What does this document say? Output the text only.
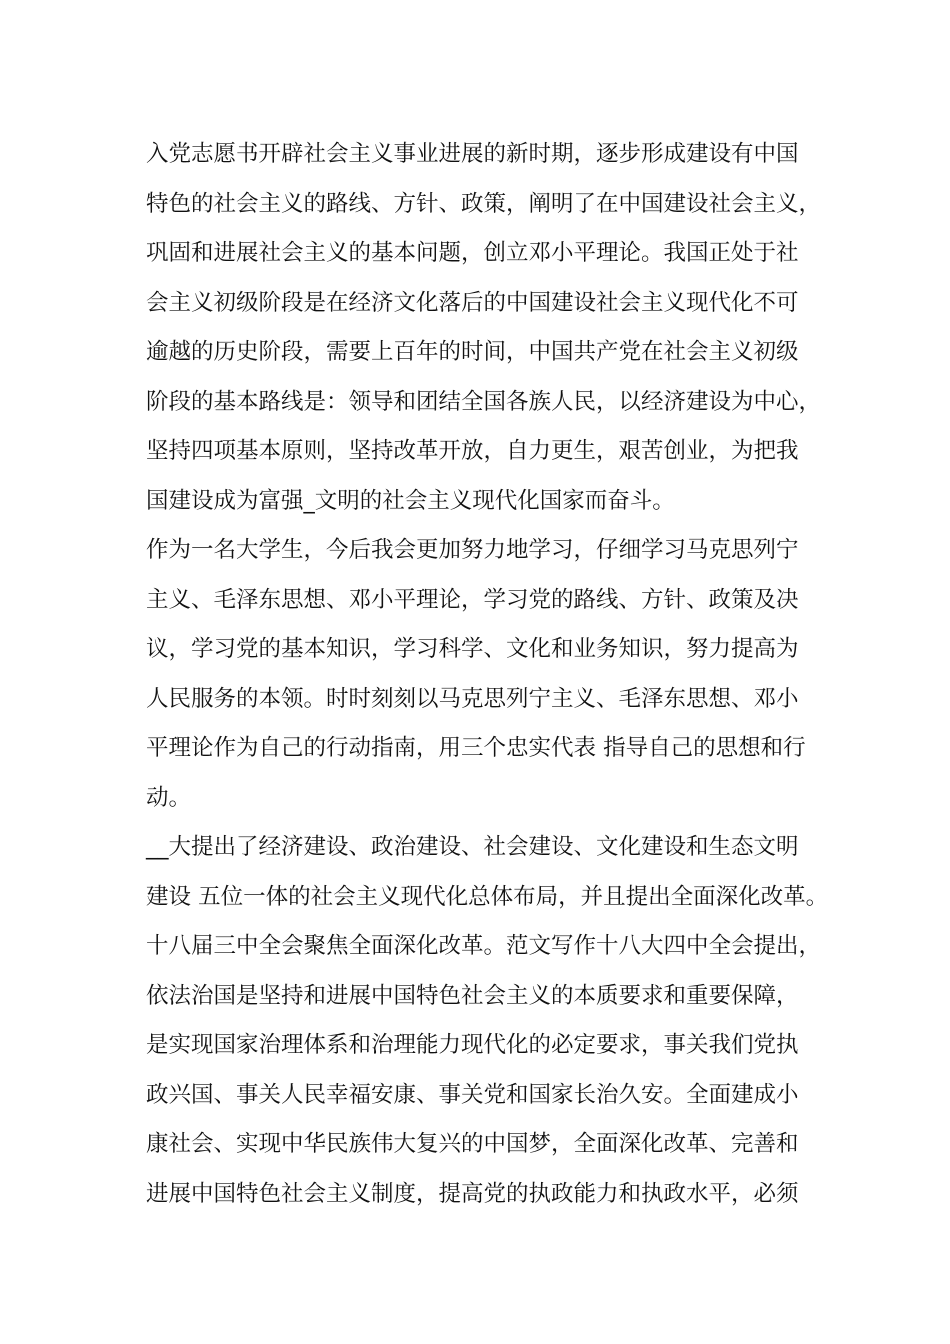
入党志愿书开辟社会主义事业进展的新时期，逐步形成建设有中国
特色的社会主义的路线、方针、政策，阐明了在中国建设社会主义，
巩固和进展社会主义的基本问题，创立邓小平理论。我国正处于社
会主义初级阶段是在经济文化落后的中国建设社会主义现代化不可
逾越的历史阶段，需要上百年的时间，中国共产党在社会主义初级
阶段的基本路线是：领导和团结全国各族人民，以经济建设为中心，
坚持四项基本原则，坚持改革开放，自力更生，艰苦创业，为把我
国建设成为富强_文明的社会主义现代化国家而奋斗。
作为一名大学生，今后我会更加努力地学习，仔细学习马克思列宁
主义、毛泽东思想、邓小平理论，学习党的路线、方针、政策及决
议，学习党的基本知识，学习科学、文化和业务知识，努力提高为
人民服务的本领。时时刻刻以马克思列宁主义、毛泽东思想、邓小
平理论作为自己的行动指南，用三个忠实代表 指导自己的思想和行
动。
__大提出了经济建设、政治建设、社会建设、文化建设和生态文明
建设 五位一体的社会主义现代化总体布局，并且提出全面深化改革。
十八届三中全会聚焦全面深化改革。范文写作十八大四中全会提出，
依法治国是坚持和进展中国特色社会主义的本质要求和重要保障，
是实现国家治理体系和治理能力现代化的必定要求，事关我们党执
政兴国、事关人民幸福安康、事关党和国家长治久安。全面建成小
康社会、实现中华民族伟大复兴的中国梦，全面深化改革、完善和
进展中国特色社会主义制度，提高党的执政能力和执政水平，必须
